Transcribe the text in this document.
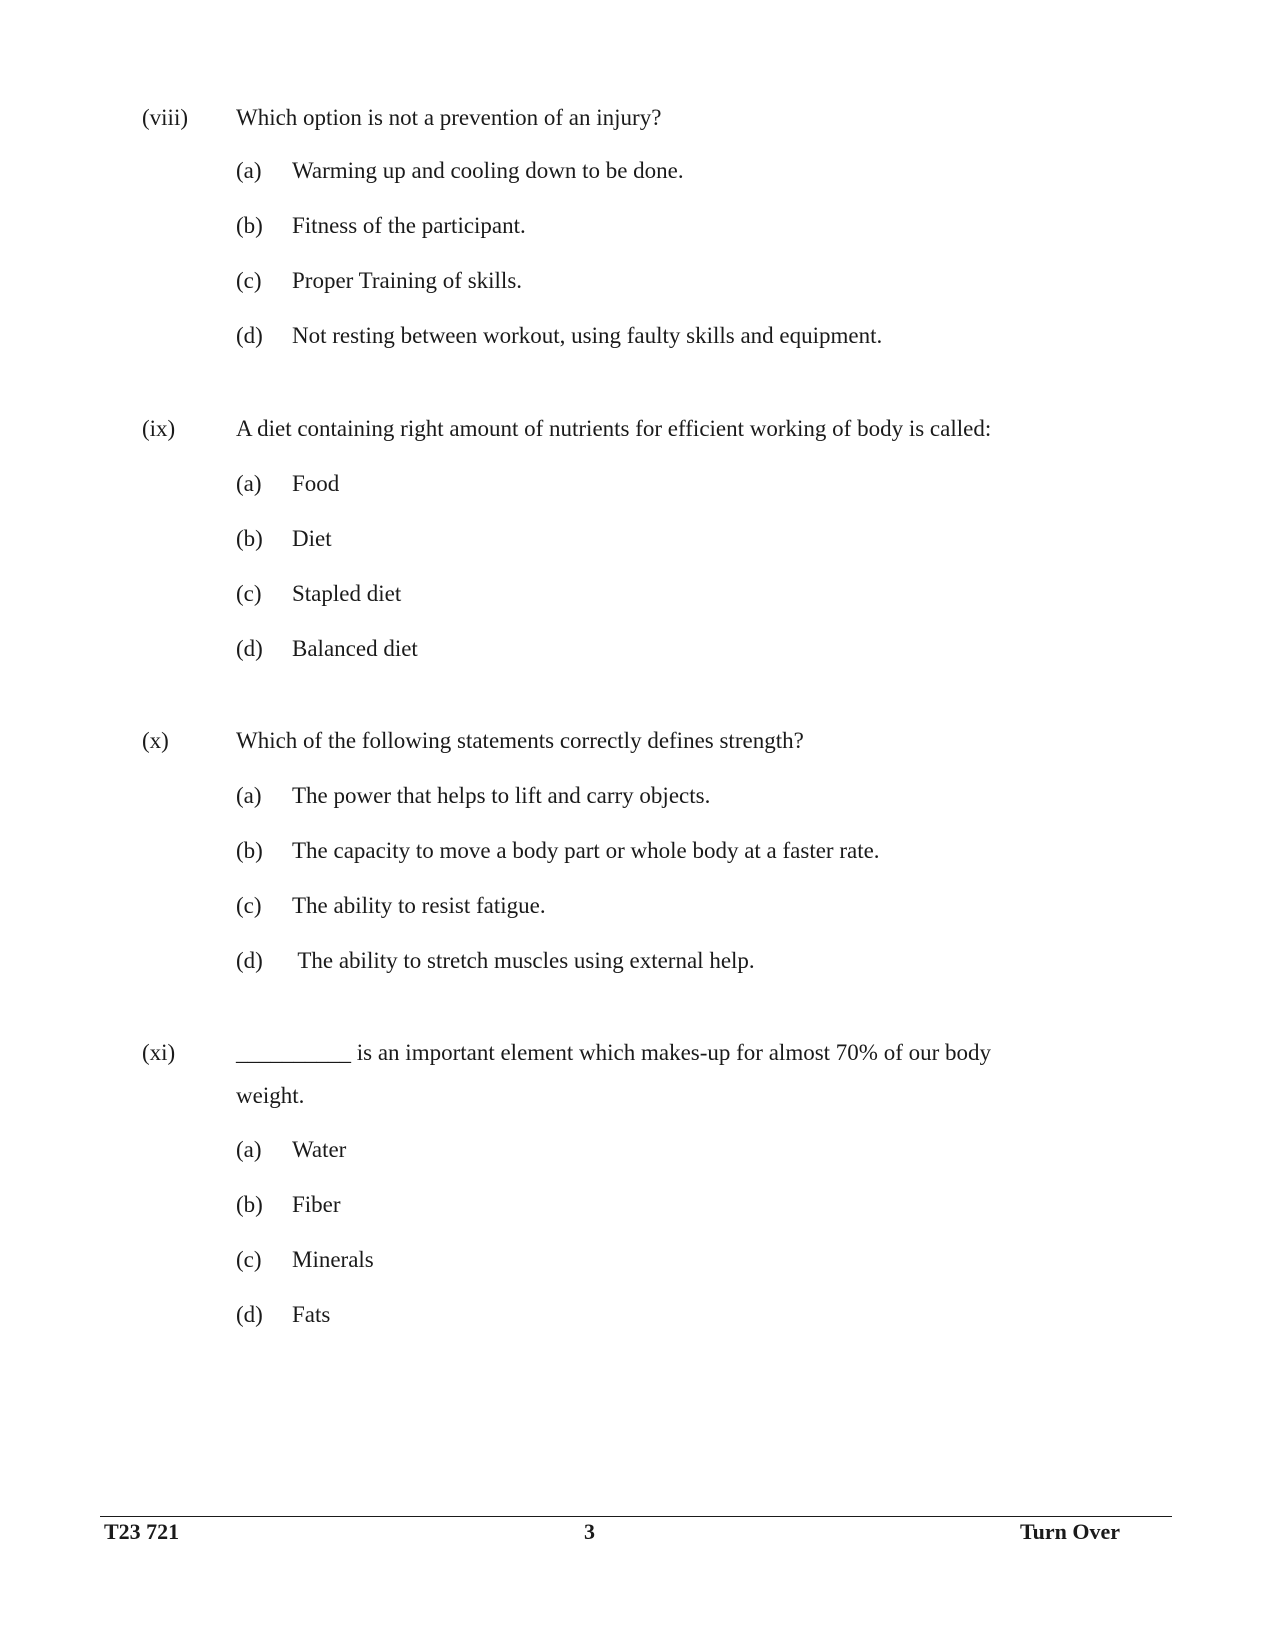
(viii) Which option is not a prevention of an injury?
(a) Warming up and cooling down to be done.
(b) Fitness of the participant.
(c) Proper Training of skills.
(d) Not resting between workout, using faulty skills and equipment.
(ix)	A diet containing right amount of nutrients for efficient working of body is called:
(a) Food
(b) Diet
(c) Stapled diet
(d) Balanced diet
(x)	Which of the following statements correctly defines strength?
(a) The power that helps to lift and carry objects.
(b) The capacity to move a body part or whole body at a faster rate.
(c) The ability to resist fatigue.
(d) The ability to stretch muscles using external help.
(xi)	__________ is an important element which makes-up for almost 70% of our body
weight.
(a) Water
(b) Fiber
(c) Minerals
(d) Fats
T23 721	3	Turn Over
